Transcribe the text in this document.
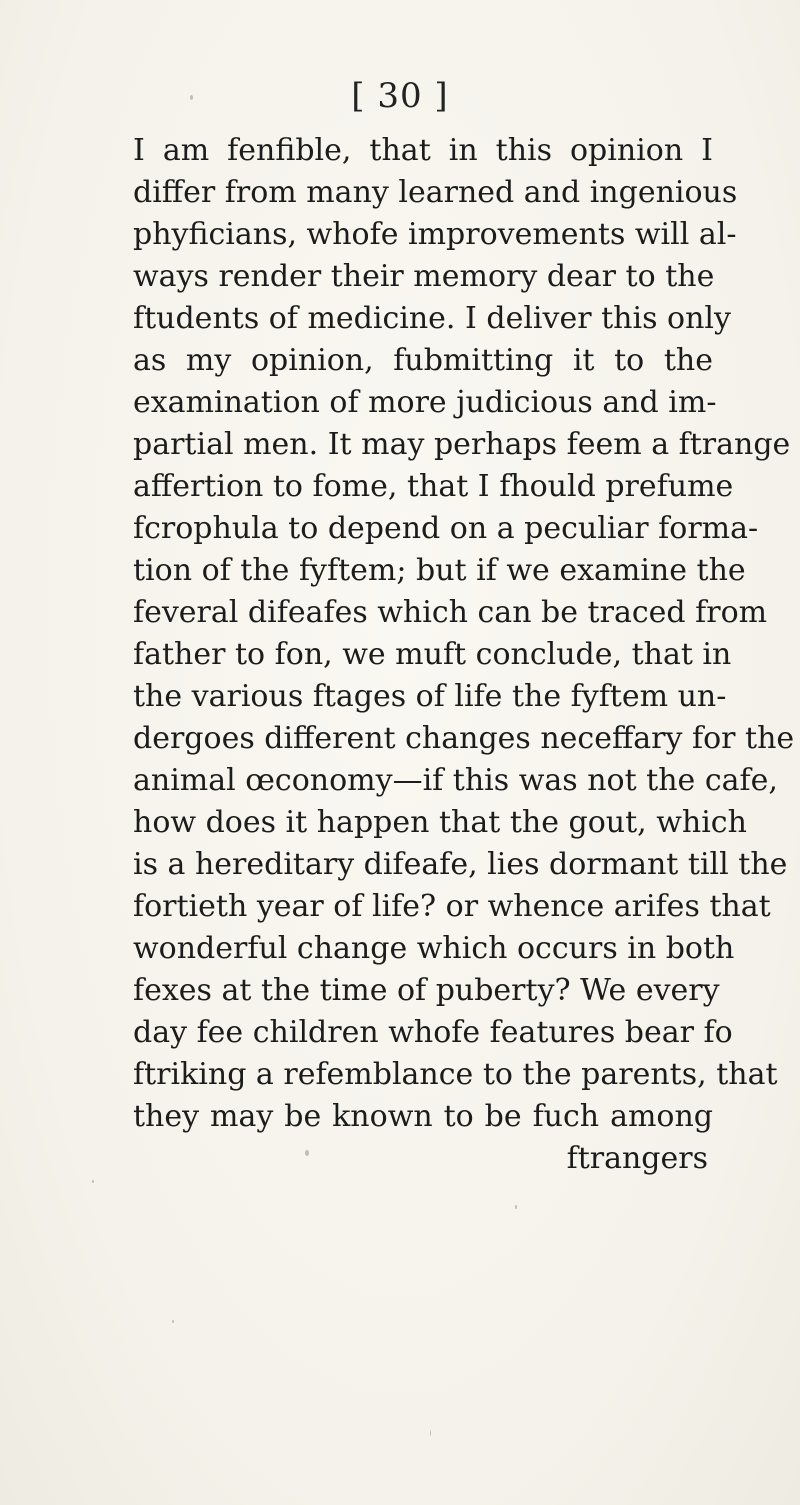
[ 30 ]
I am fenfible, that in this opinion I
differ from many learned and ingenious
phyficians, whofe improvements will al-
ways render their memory dear to the
ftudents of medicine. I deliver this only
as my opinion, fubmitting it to the
examination of more judicious and im-
partial men. It may perhaps feem a ftrange
affertion to fome, that I fhould prefume
fcrophula to depend on a peculiar forma-
tion of the fyftem; but if we examine the
feveral difeafes which can be traced from
father to fon, we muft conclude, that in
the various ftages of life the fyftem un-
dergoes different changes neceffary for the
animal œconomy—if this was not the cafe,
how does it happen that the gout, which
is a hereditary difeafe, lies dormant till the
fortieth year of life? or whence arifes that
wonderful change which occurs in both
fexes at the time of puberty? We every
day fee children whofe features bear fo
ftriking a refemblance to the parents, that
they may be known to be fuch among
ftrangers
